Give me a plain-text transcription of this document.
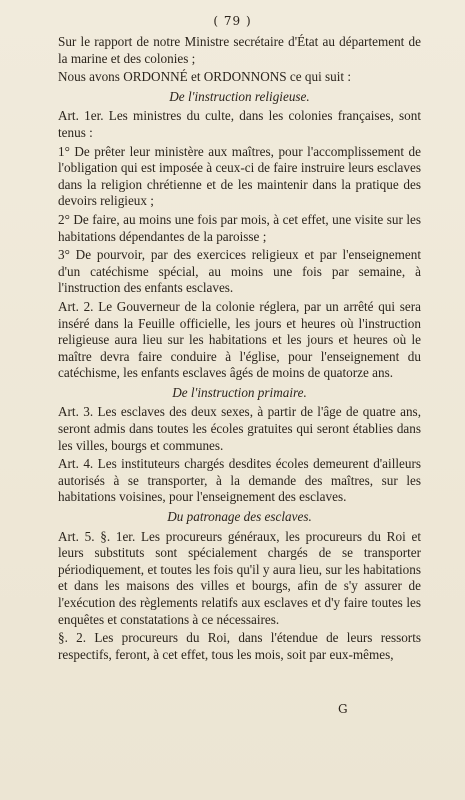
( 79 )

Sur le rapport de notre Ministre secrétaire d'État au département de la marine et des colonies ;

Nous avons ORDONNÉ et ORDONNONS ce qui suit :

De l'instruction religieuse.

Art. 1er. Les ministres du culte, dans les colonies françaises, sont tenus :

1° De prêter leur ministère aux maîtres, pour l'accomplissement de l'obligation qui est imposée à ceux-ci de faire instruire leurs esclaves dans la religion chrétienne et de les maintenir dans la pratique des devoirs religieux ;

2° De faire, au moins une fois par mois, à cet effet, une visite sur les habitations dépendantes de la paroisse ;

3° De pourvoir, par des exercices religieux et par l'enseignement d'un catéchisme spécial, au moins une fois par semaine, à l'instruction des enfants esclaves.

Art. 2. Le Gouverneur de la colonie réglera, par un arrêté qui sera inséré dans la Feuille officielle, les jours et heures où l'instruction religieuse aura lieu sur les habitations et les jours et heures où le maître devra faire conduire à l'église, pour l'enseignement du catéchisme, les enfants esclaves âgés de moins de quatorze ans.

De l'instruction primaire.

Art. 3. Les esclaves des deux sexes, à partir de l'âge de quatre ans, seront admis dans toutes les écoles gratuites qui seront établies dans les villes, bourgs et communes.

Art. 4. Les instituteurs chargés desdites écoles demeurent d'ailleurs autorisés à se transporter, à la demande des maîtres, sur les habitations voisines, pour l'enseignement des esclaves.

Du patronage des esclaves.

Art. 5. §. 1er. Les procureurs généraux, les procureurs du Roi et leurs substituts sont spécialement chargés de se transporter périodiquement, et toutes les fois qu'il y aura lieu, sur les habitations et dans les maisons des villes et bourgs, afin de s'y assurer de l'exécution des règlements relatifs aux esclaves et d'y faire toutes les enquêtes et constatations à ce nécessaires.

§. 2. Les procureurs du Roi, dans l'étendue de leurs ressorts respectifs, feront, à cet effet, tous les mois, soit par eux-mêmes,

G
